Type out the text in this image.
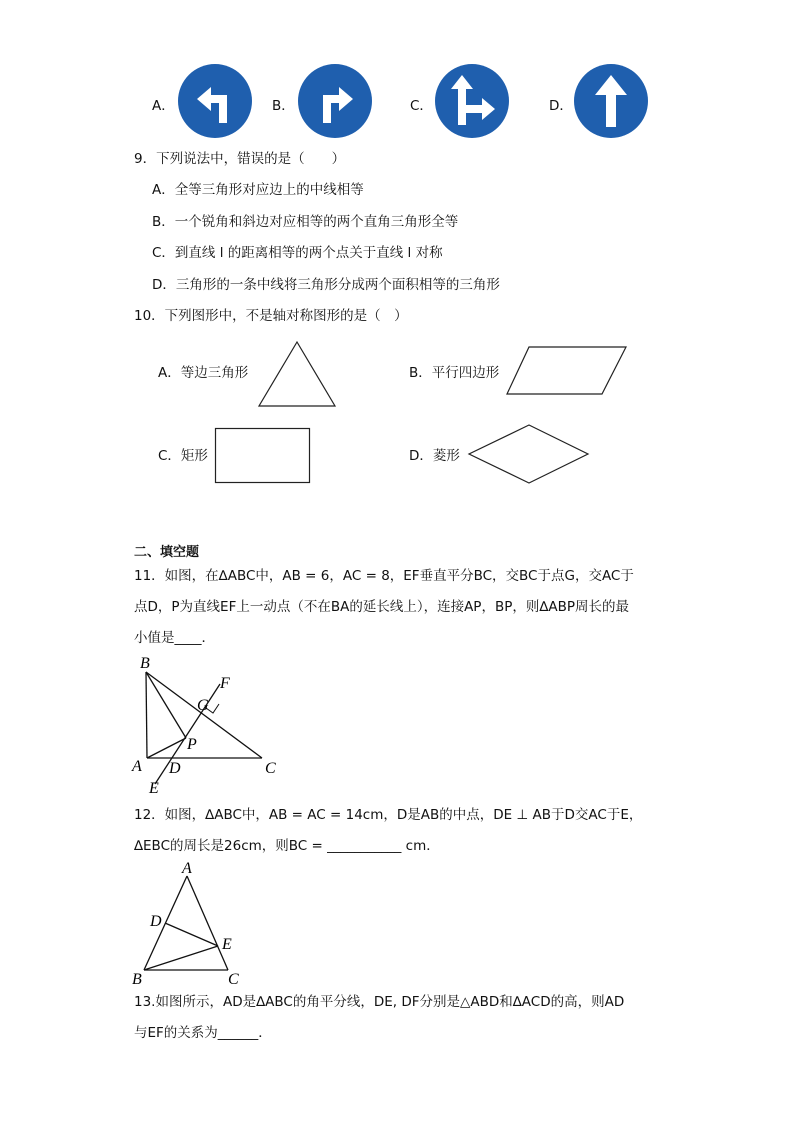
A．	B．	C．	D．
9．下列说法中，错误的是（　　）
A．全等三角形对应边上的中线相等
B．一个锐角和斜边对应相等的两个直角三角形全等
C．到直线 l 的距离相等的两个点关于直线 l 对称
D．三角形的一条中线将三角形分成两个面积相等的三角形
10．下列图形中，不是轴对称图形的是（　）
A．等边三角形	B．平行四边形
C．矩形	D．菱形
二、填空题
11．如图，在∆ABC中，AB = 6，AC = 8，EF垂直平分BC，交BC于点G，交AC于
点D，P为直线EF上一动点（不在BA的延长线上），连接AP，BP，则∆ABP周长的最
小值是____．
B
F
G
P
A D	C
E
12．如图，∆ABC中，AB = AC = 14cm，D是AB的中点，DE ⊥ AB于D交AC于E，
∆EBC的周长是26cm，则BC = ___________ cm．
A
D
E
B	C
13.如图所示，AD是∆ABC的角平分线，DE, DF分别是△ABD和∆ACD的高，则AD
与EF的关系为______．
